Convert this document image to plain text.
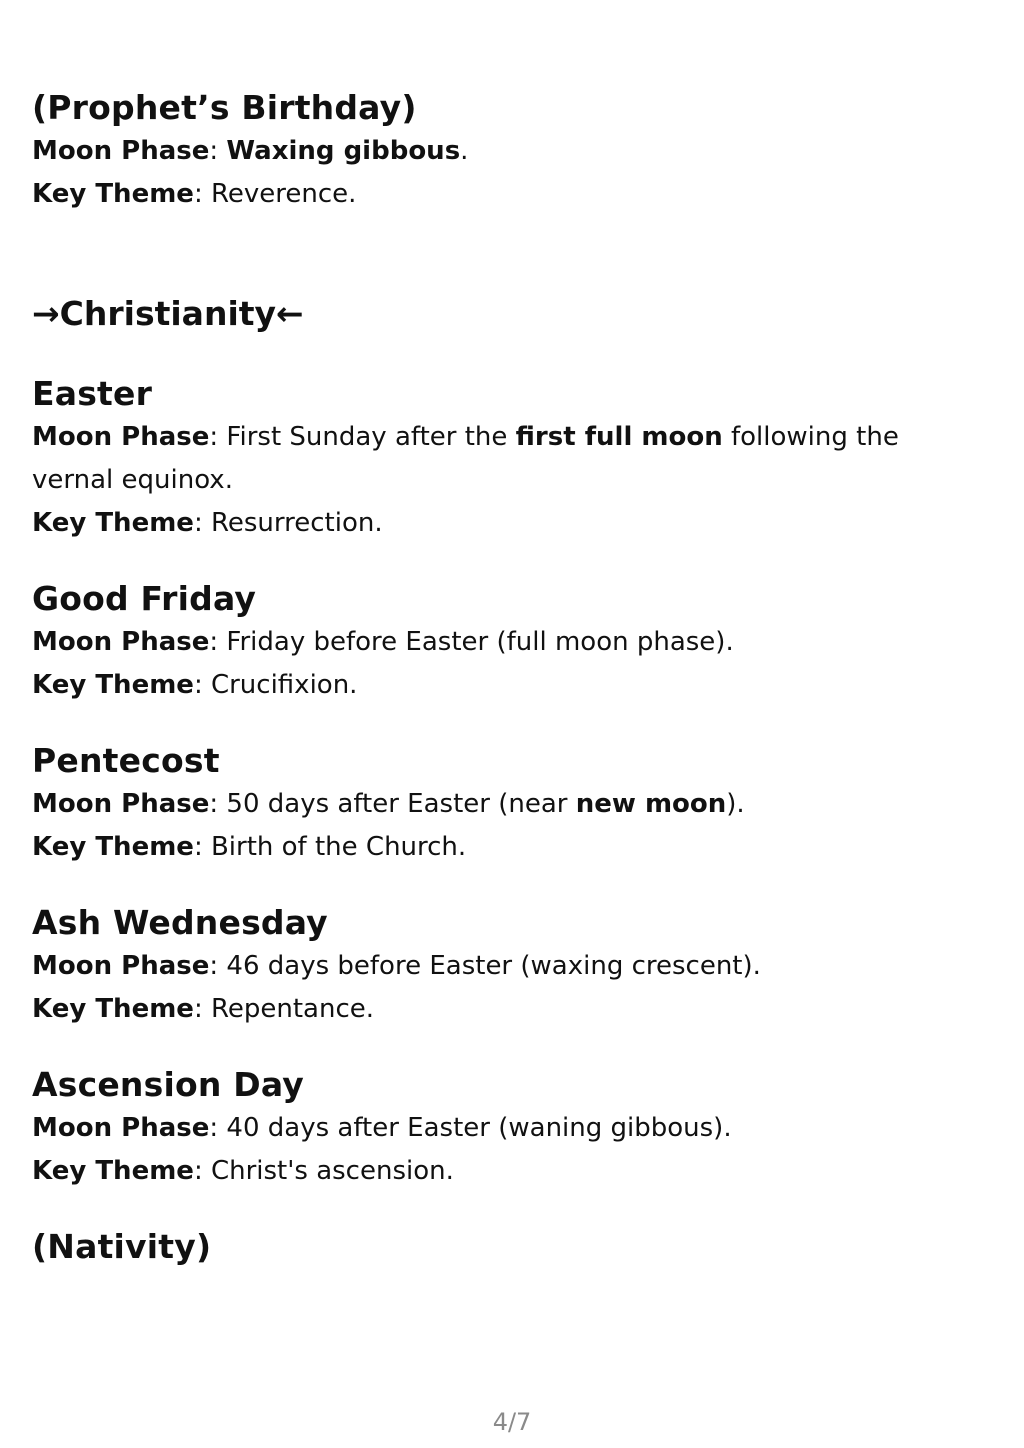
(Prophet’s Birthday)

Moon Phase: Waxing gibbous.

Key Theme: Reverence.

→Christianity←

Easter

Moon Phase: First Sunday after the first full moon following the

vernal equinox.

Key Theme: Resurrection.

Good Friday

Moon Phase: Friday before Easter (full moon phase).

Key Theme: Crucifixion.

Pentecost

Moon Phase: 50 days after Easter (near new moon).

Key Theme: Birth of the Church.

Ash Wednesday

Moon Phase: 46 days before Easter (waxing crescent).

Key Theme: Repentance.

Ascension Day

Moon Phase: 40 days after Easter (waning gibbous).

Key Theme: Christ's ascension.

(Nativity)

4/7
